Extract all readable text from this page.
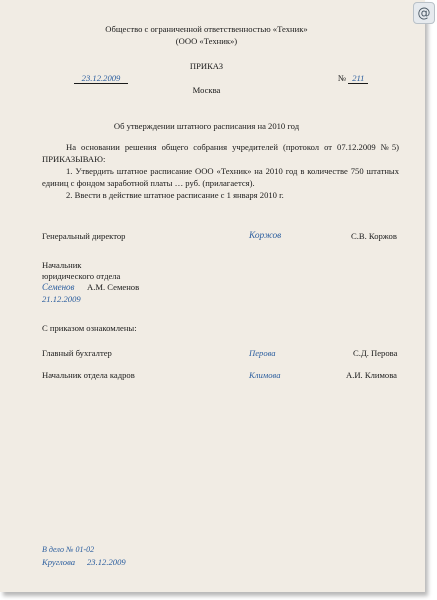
Общество с ограниченной ответственностью «Техник»
(ООО «Техник»)
ПРИКАЗ
23.12.2009	№ 211
Москва
Об утверждении штатного расписания на 2010 год
На основании решения общего собрания учредителей (протокол от 07.12.2009 №5)
ПРИКАЗЫВАЮ:
1. Утвердить штатное расписание ООО «Техник» на 2010 год в количестве 750 штатных
единиц с фондом заработной платы … руб. (прилагается).
2. Ввести в действие штатное расписание с 1 января 2010 г.
Генеральный директор	Коржов	С.В. Коржов
Начальник
юридического отдела
Семенов А.М. Семенов
21.12.2009
С приказом ознакомлены:
Главный бухгалтер	Перова	С.Д. Перова
Начальник отдела кадров	Климова	А.И. Климова
В дело № 01-02
Круглова 23.12.2009
@
